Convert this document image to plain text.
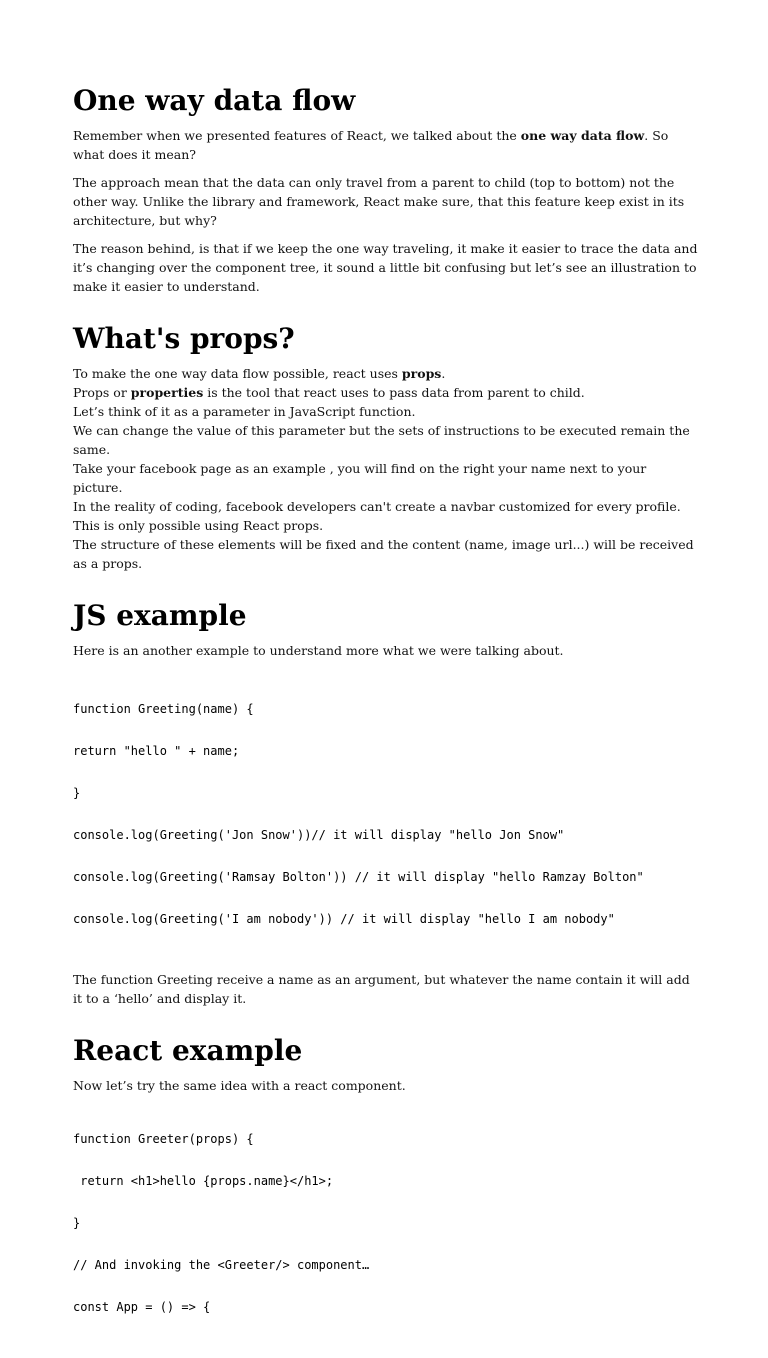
One way data flow

Remember when we presented features of React, we talked about the one way data flow. So what does it mean?

The approach mean that the data can only travel from a parent to child (top to bottom) not the other way. Unlike the library and framework, React make sure, that this feature keep exist in its architecture, but why?

The reason behind, is that if we keep the one way traveling, it make it easier to trace the data and it’s changing over the component tree, it sound a little bit confusing but let’s see an illustration to make it easier to understand.

What's props?

To make the one way data flow possible, react uses props.

Props or properties is the tool that react uses to pass data from parent to child.

Let’s think of it as a parameter in JavaScript function.

We can change the value of this parameter but the sets of instructions to be executed remain the same.

Take your facebook page as an example , you will find on the right your name next to your picture.

In the reality of coding, facebook developers can't create a navbar customized for every profile.

This is only possible using React props.

The structure of these elements will be fixed and the content (name, image url...) will be received as a props.

JS example

Here is an another example to understand more what we were talking about.

function Greeting(name) {

return "hello " + name;

}

console.log(Greeting('Jon Snow'))// it will display "hello Jon Snow"

console.log(Greeting('Ramsay Bolton')) // it will display "hello Ramzay Bolton"

console.log(Greeting('I am nobody')) // it will display "hello I am nobody"

The function Greeting receive a name as an argument, but whatever the name contain it will add it to a ‘hello’ and display it.

React example

Now let’s try the same idea with a react component.

function Greeter(props) {

return <h1>hello {props.name}</h1>;

}

// And invoking the <Greeter/> component…

const App = () => {
